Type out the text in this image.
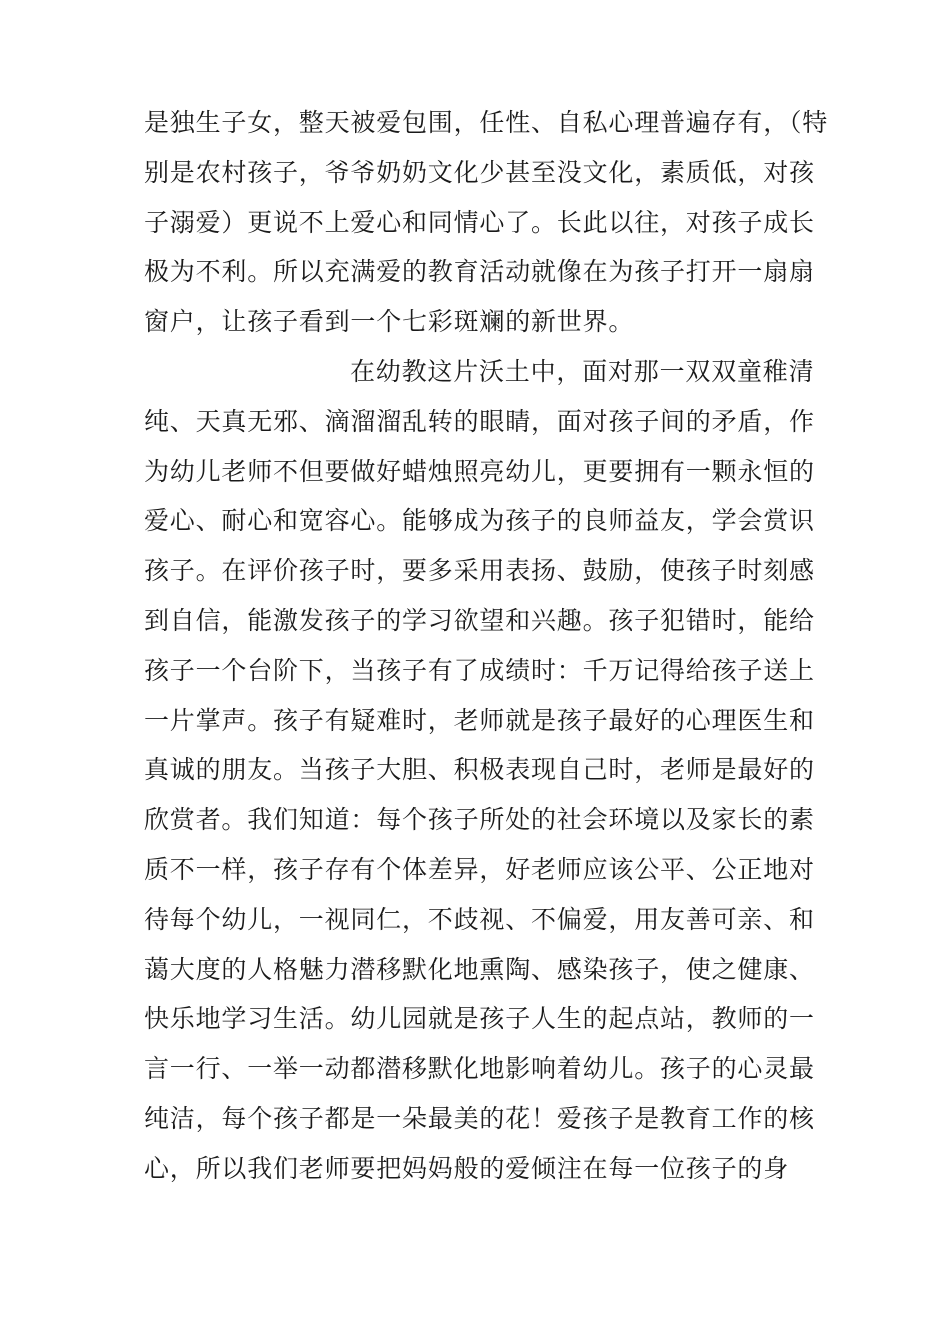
是独生子女，整天被爱包围，任性、自私心理普遍存有，（特
别是农村孩子，爷爷奶奶文化少甚至没文化，素质低，对孩
子溺爱）更说不上爱心和同情心了。长此以往，对孩子成长
极为不利。所以充满爱的教育活动就像在为孩子打开一扇扇
窗户，让孩子看到一个七彩斑斓的新世界。
在幼教这片沃土中，面对那一双双童稚清
纯、天真无邪、滴溜溜乱转的眼睛，面对孩子间的矛盾，作
为幼儿老师不但要做好蜡烛照亮幼儿，更要拥有一颗永恒的
爱心、耐心和宽容心。能够成为孩子的良师益友，学会赏识
孩子。在评价孩子时，要多采用表扬、鼓励，使孩子时刻感
到自信，能激发孩子的学习欲望和兴趣。孩子犯错时，能给
孩子一个台阶下，当孩子有了成绩时：千万记得给孩子送上
一片掌声。孩子有疑难时，老师就是孩子最好的心理医生和
真诚的朋友。当孩子大胆、积极表现自己时，老师是最好的
欣赏者。我们知道：每个孩子所处的社会环境以及家长的素
质不一样，孩子存有个体差异，好老师应该公平、公正地对
待每个幼儿，一视同仁，不歧视、不偏爱，用友善可亲、和
蔼大度的人格魅力潜移默化地熏陶、感染孩子，使之健康、
快乐地学习生活。幼儿园就是孩子人生的起点站，教师的一
言一行、一举一动都潜移默化地影响着幼儿。孩子的心灵最
纯洁，每个孩子都是一朵最美的花！爱孩子是教育工作的核
心，所以我们老师要把妈妈般的爱倾注在每一位孩子的身
